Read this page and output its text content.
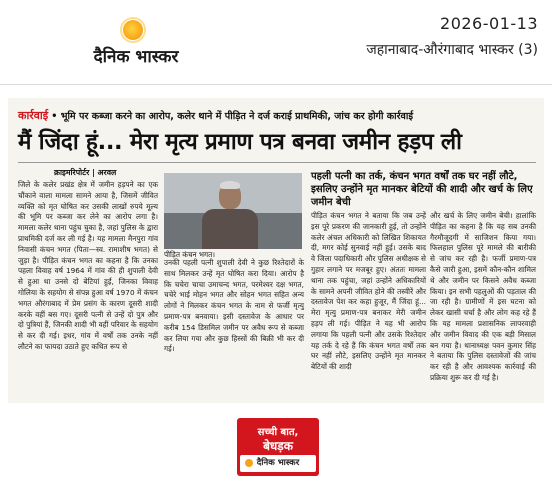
दैनिक भास्कर
2026-01-13
जहानाबाद-औरंगाबाद भास्कर (3)
कार्रवाई • भूमि पर कब्जा करने का आरोप, कलेर थाने में पीड़ित ने दर्ज कराई प्राथमिकी, जांच कर होगी कार्रवाई
मैं जिंदा हूं... मेरा मृत्य प्रमाण पत्र बनवा जमीन हड़प ली
क्राइमरिपोर्टर | अरवल
जिले के कलेर प्रखंड क्षेत्र में जमीन हड़पने का एक चौंकाने वाला मामला सामने आया है, जिसमें जीवित व्यक्ति को मृत घोषित कर उसकी लाखों रुपये मूल्य की भूमि पर कब्जा कर लेने का आरोप लगा है। मामला कलेर थाना पहुंच चुका है, जहां पुलिस के द्वारा प्राथमिकी दर्ज कर ली गई है। यह मामला मैनपुरा गांव निवासी कंचन भगत (पिता—स्व. रामाशीष भगत) से जुड़ा है। पीड़ित कंचन भगत का कहना है कि उनका पहला विवाह वर्ष 1964 में गांव की ही शुपाली देवी से हुआ था उनसे दो बेटियां हुईं, जिनका विवाह गोलिया के सहयोग से संपन्न हुआ वर्ष 1970 में कंचन भगत औरंगाबाद में प्रेम प्रसंग के कारण दूसरी शादी करके वहीं बस गए। दूसरी पत्नी से उन्हें दो पुत्र और दो पुत्रियां हैं, जिनकी शादी भी वहीं परिवार के सहयोग से कर दी गई। इधर, गांव में वर्षों तक उनके नहीं लौटने का फायदा उठाते हुए कथित रूप से
पीड़ित कंचन भगत।
उनकी पहली पत्नी शुपाली देवी ने कुछ रिश्तेदारों के साथ मिलकर उन्हें मृत घोषित करा दिया। आरोप है कि चचेरा चाचा उमाचन्द भगत, परमेश्वर दक्ष भगत, चचेरे भाई मोहन भगत और सोहन भगत सहित अन्य लोगों ने मिलकर कंचन भगत के नाम से फर्जी मृत्यु प्रमाण-पत्र बनवाया। इसी दस्तावेज के आधार पर करीब 154 डिसमिल जमीन पर अवैध रूप से कब्जा कर लिया गया और कुछ हिस्सों की बिक्री भी कर दी गई।
पहली पत्नी का तर्क, कंचन भगत वर्षों तक घर नहीं लौटे, इसलिए उन्होंने मृत मानकर बेटियों की शादी और खर्च के लिए जमीन बेची
पीड़ित कंचन भगत ने बताया कि जब उन्हें इस पूरे प्रकरण की जानकारी हुई, तो उन्होंने कलेर अंचल अधिकारी को लिखित शिकायत दी, मगर कोई सुनवाई नहीं हुई। उसके बाद वे जिला पदाधिकारी और पुलिस अधीक्षक से गुहार लगाने पर मजबूर हुए। अंततः मामला थाना तक पहुंचा, जहां उन्होंने अधिकारियों के सामने अपनी जीवित होने की तस्वीरें और दस्तावेज पेश कर कहा हुजूर, मैं जिंदा हूं... मेरा मृत्यु प्रमाण-पत्र बनाकर मेरी जमीन हड़प ली गई। पीड़ित ने यह भी आरोप लगाया कि पहली पत्नी और उसके रिश्तेदार यह तर्क दे रहे हैं कि कंचन भगत वर्षों तक घर नहीं लौटे, इसलिए उन्होंने मृत मानकर बेटियों की शादी
और खर्च के लिए जमीन बेची। हालांकि पीड़ित का कहना है कि यह सब उनकी गैरमौजूदगी में साजिशन किया गया। फिलहाल पुलिस पूरे मामले की बारीकी से जांच कर रही है। फर्जी प्रमाण-पत्र कैसे जारी हुआ, इसमें कौन-कौन शामिल थे और जमीन पर किसने अवैध कब्जा किया। इन सभी पहलुओं की पड़ताल की जा रही है। ग्रामीणों में इस घटना को लेकर खासी चर्चा है और लोग कह रहे हैं कि यह मामला प्रशासनिक लापरवाही और जमीन विवाद की एक बड़ी मिसाल बन गया है। थानाध्यक्ष पवन कुमार सिंह ने बताया कि पुलिस दस्तावेजों की जांच कर रही है और आवश्यक कार्रवाई की प्रक्रिया शुरू कर दी गई है।
सच्ची बात,
बेधड़क
दैनिक भास्कर
